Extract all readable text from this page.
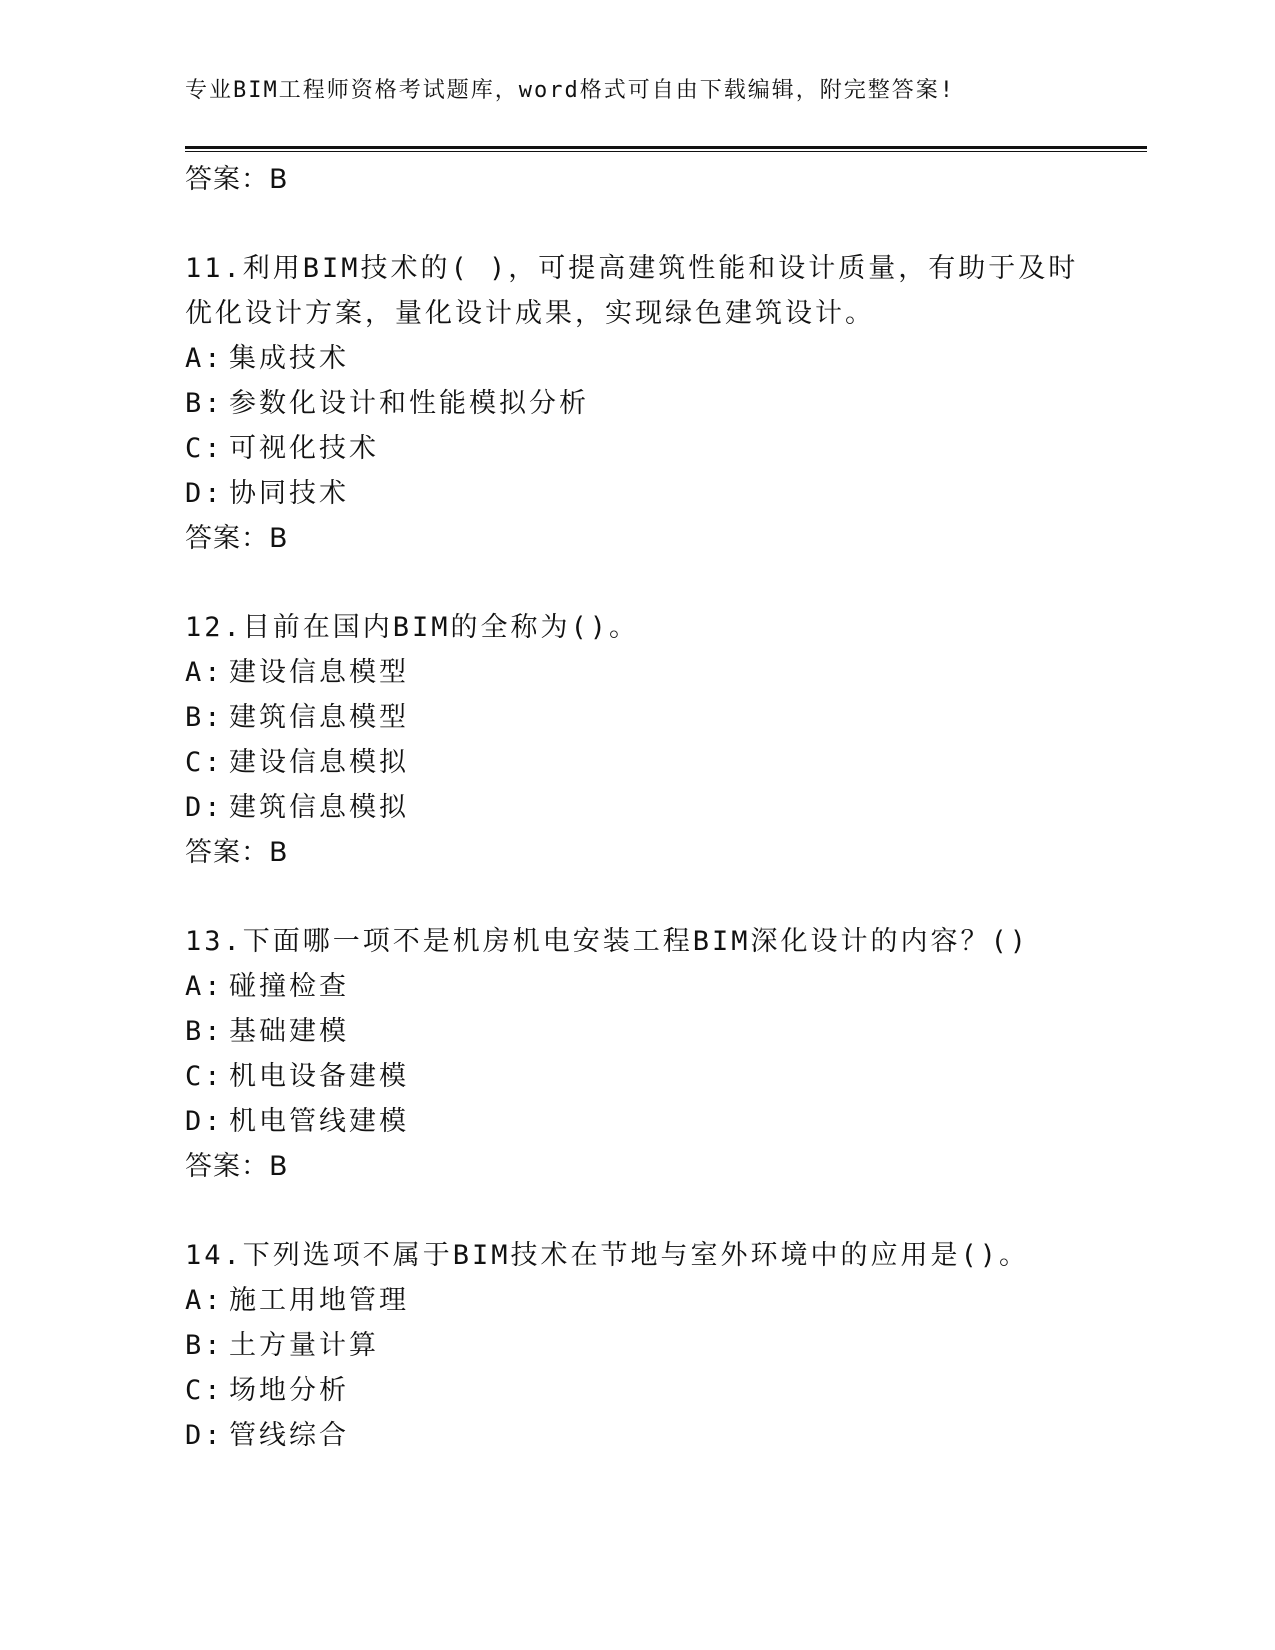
专业BIM工程师资格考试题库，word格式可自由下载编辑，附完整答案!
答案：B
11.利用BIM技术的( )，可提高建筑性能和设计质量，有助于及时优化设计方案，量化设计成果，实现绿色建筑设计。
A: 集成技术
B: 参数化设计和性能模拟分析
C: 可视化技术
D: 协同技术
答案：B
12.目前在国内BIM的全称为()。
A: 建设信息模型
B: 建筑信息模型
C: 建设信息模拟
D: 建筑信息模拟
答案：B
13.下面哪一项不是机房机电安装工程BIM深化设计的内容？()
A: 碰撞检查
B: 基础建模
C: 机电设备建模
D: 机电管线建模
答案：B
14.下列选项不属于BIM技术在节地与室外环境中的应用是()。
A: 施工用地管理
B: 土方量计算
C: 场地分析
D: 管线综合
